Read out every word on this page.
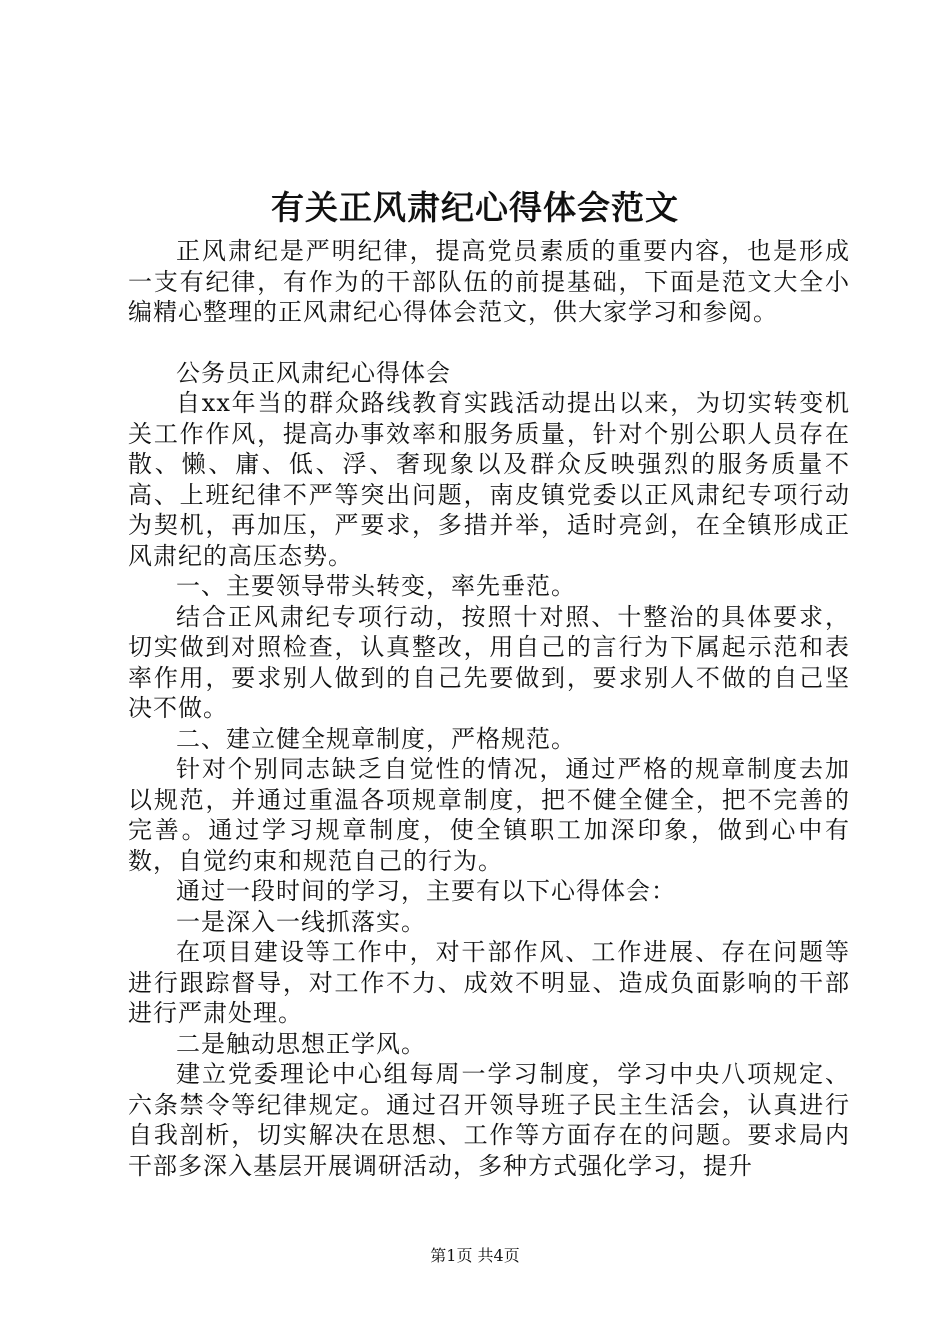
有关正风肃纪心得体会范文

正风肃纪是严明纪律，提高党员素质的重要内容，也是形成一支有纪律，有作为的干部队伍的前提基础，下面是范文大全小编精心整理的正风肃纪心得体会范文，供大家学习和参阅。

公务员正风肃纪心得体会

自xx年当的群众路线教育实践活动提出以来，为切实转变机关工作作风，提高办事效率和服务质量，针对个别公职人员存在散、懒、庸、低、浮、奢现象以及群众反映强烈的服务质量不高、上班纪律不严等突出问题，南皮镇党委以正风肃纪专项行动为契机，再加压，严要求，多措并举，适时亮剑，在全镇形成正风肃纪的高压态势。

一、主要领导带头转变，率先垂范。

结合正风肃纪专项行动，按照十对照、十整治的具体要求，切实做到对照检查，认真整改，用自己的言行为下属起示范和表率作用，要求别人做到的自己先要做到，要求别人不做的自己坚决不做。

二、建立健全规章制度，严格规范。

针对个别同志缺乏自觉性的情况，通过严格的规章制度去加以规范，并通过重温各项规章制度，把不健全健全，把不完善的完善。通过学习规章制度，使全镇职工加深印象，做到心中有数，自觉约束和规范自己的行为。

通过一段时间的学习，主要有以下心得体会：

一是深入一线抓落实。

在项目建设等工作中，对干部作风、工作进展、存在问题等进行跟踪督导，对工作不力、成效不明显、造成负面影响的干部进行严肃处理。

二是触动思想正学风。

建立党委理论中心组每周一学习制度，学习中央八项规定、六条禁令等纪律规定。通过召开领导班子民主生活会，认真进行自我剖析，切实解决在思想、工作等方面存在的问题。要求局内干部多深入基层开展调研活动，多种方式强化学习，提升

第1页 共4页
